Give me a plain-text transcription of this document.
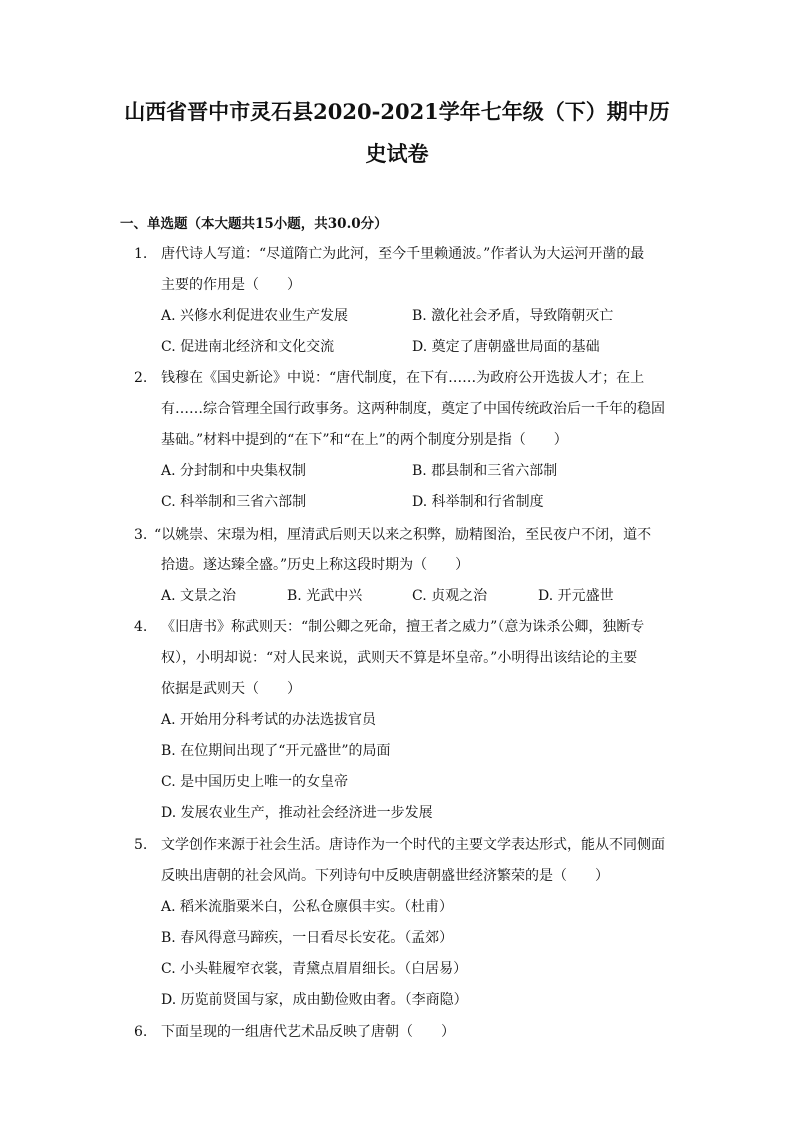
山西省晋中市灵石县2020-2021学年七年级（下）期中历
史试卷
一、单选题（本大题共15小题，共30.0分）
1. 唐代诗人写道：“尽道隋亡为此河，至今千里赖通波。”作者认为大运河开凿的最
主要的作用是（　　）
A. 兴修水利促进农业生产发展	B. 激化社会矛盾，导致隋朝灭亡
C. 促进南北经济和文化交流	D. 奠定了唐朝盛世局面的基础
2. 钱穆在《国史新论》中说：“唐代制度，在下有……为政府公开选拔人才；在上
有……综合管理全国行政事务。这两种制度，奠定了中国传统政治后一千年的稳固
基础。”材料中提到的“在下”和“在上”的两个制度分别是指（　　）
A. 分封制和中央集权制	B. 郡县制和三省六部制
C. 科举制和三省六部制	D. 科举制和行省制度
3. “以姚崇、宋璟为相，厘清武后则天以来之积弊，励精图治，至民夜户不闭，道不
拾遗。遂达臻全盛。”历史上称这段时期为（　　）
A. 文景之治	B. 光武中兴	C. 贞观之治	D. 开元盛世
4. 《旧唐书》称武则天：“制公卿之死命，擅王者之威力”（意为诛杀公卿，独断专
权），小明却说：“对人民来说，武则天不算是坏皇帝。”小明得出该结论的主要
依据是武则天（　　）
A. 开始用分科考试的办法选拔官员
B. 在位期间出现了“开元盛世”的局面
C. 是中国历史上唯一的女皇帝
D. 发展农业生产，推动社会经济进一步发展
5. 文学创作来源于社会生活。唐诗作为一个时代的主要文学表达形式，能从不同侧面
反映出唐朝的社会风尚。下列诗句中反映唐朝盛世经济繁荣的是（　　）
A. 稻米流脂粟米白，公私仓廪俱丰实。（杜甫）
B. 春风得意马蹄疾，一日看尽长安花。（孟郊）
C. 小头鞋履窄衣裳，青黛点眉眉细长。（白居易）
D. 历览前贤国与家，成由勤俭败由奢。（李商隐）
6. 下面呈现的一组唐代艺术品反映了唐朝（　　）
